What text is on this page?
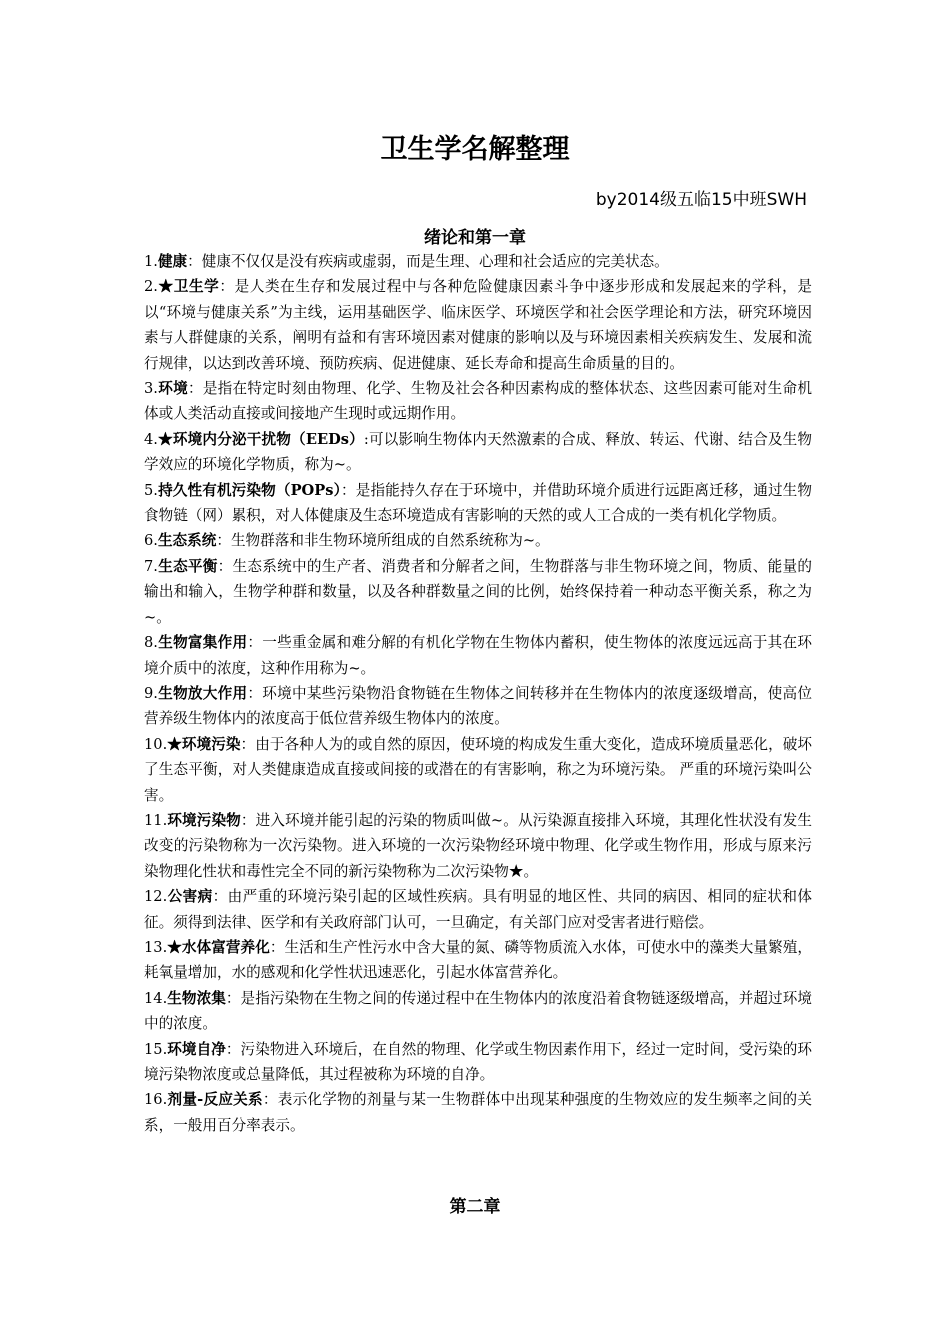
卫生学名解整理

by2014级五临15中班SWH

绪论和第一章

1.健康：健康不仅仅是没有疾病或虚弱，而是生理、心理和社会适应的完美状态。

2.★卫生学：是人类在生存和发展过程中与各种危险健康因素斗争中逐步形成和发展起来的学科，是以“环境与健康关系”为主线，运用基础医学、临床医学、环境医学和社会医学理论和方法，研究环境因素与人群健康的关系，阐明有益和有害环境因素对健康的影响以及与环境因素相关疾病发生、发展和流行规律，以达到改善环境、预防疾病、促进健康、延长寿命和提高生命质量的目的。

3.环境：是指在特定时刻由物理、化学、生物及社会各种因素构成的整体状态、这些因素可能对生命机体或人类活动直接或间接地产生现时或远期作用。

4.★环境内分泌干扰物（EEDs）:可以影响生物体内天然激素的合成、释放、转运、代谢、结合及生物学效应的环境化学物质，称为~。

5.持久性有机污染物（POPs）：是指能持久存在于环境中，并借助环境介质进行远距离迁移，通过生物食物链（网）累积，对人体健康及生态环境造成有害影响的天然的或人工合成的一类有机化学物质。

6.生态系统：生物群落和非生物环境所组成的自然系统称为~。

7.生态平衡：生态系统中的生产者、消费者和分解者之间，生物群落与非生物环境之间，物质、能量的输出和输入，生物学种群和数量，以及各种群数量之间的比例，始终保持着一种动态平衡关系，称之为~。

8.生物富集作用：一些重金属和难分解的有机化学物在生物体内蓄积，使生物体的浓度远远高于其在环境介质中的浓度，这种作用称为~。

9.生物放大作用：环境中某些污染物沿食物链在生物体之间转移并在生物体内的浓度逐级增高，使高位营养级生物体内的浓度高于低位营养级生物体内的浓度。

10.★环境污染：由于各种人为的或自然的原因，使环境的构成发生重大变化，造成环境质量恶化，破坏了生态平衡，对人类健康造成直接或间接的或潜在的有害影响，称之为环境污染。 严重的环境污染叫公害。

11.环境污染物：进入环境并能引起的污染的物质叫做~。从污染源直接排入环境，其理化性状没有发生改变的污染物称为一次污染物。进入环境的一次污染物经环境中物理、化学或生物作用，形成与原来污染物理化性状和毒性完全不同的新污染物称为二次污染物★。

12.公害病：由严重的环境污染引起的区域性疾病。具有明显的地区性、共同的病因、相同的症状和体征。须得到法律、医学和有关政府部门认可，一旦确定，有关部门应对受害者进行赔偿。

13.★水体富营养化：生活和生产性污水中含大量的氮、磷等物质流入水体，可使水中的藻类大量繁殖，耗氧量增加，水的感观和化学性状迅速恶化，引起水体富营养化。

14.生物浓集：是指污染物在生物之间的传递过程中在生物体内的浓度沿着食物链逐级增高，并超过环境中的浓度。

15.环境自净：污染物进入环境后，在自然的物理、化学或生物因素作用下，经过一定时间，受污染的环境污染物浓度或总量降低，其过程被称为环境的自净。

16.剂量-反应关系：表示化学物的剂量与某一生物群体中出现某种强度的生物效应的发生频率之间的关系，一般用百分率表示。

第二章
